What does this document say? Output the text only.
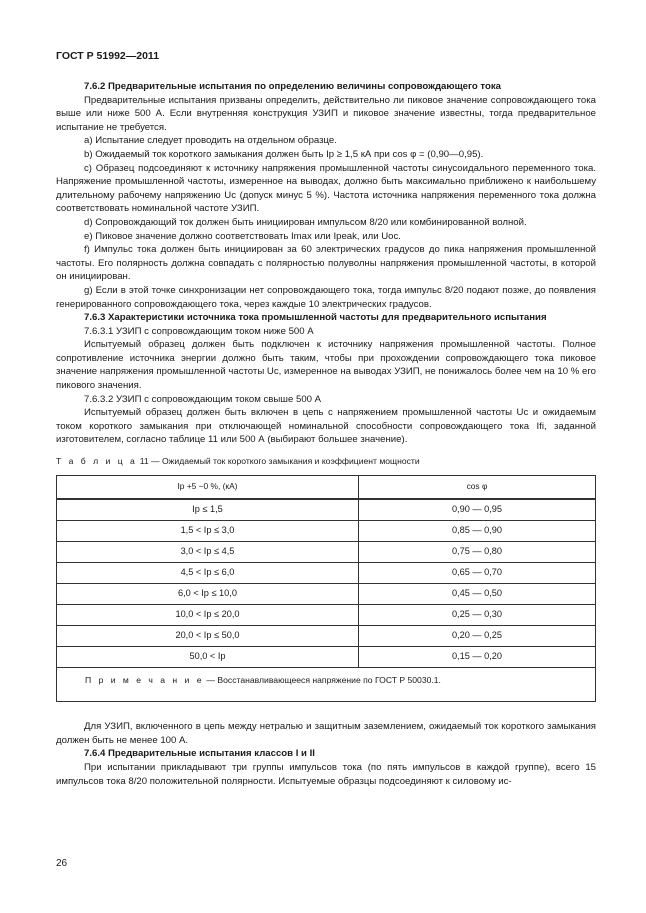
ГОСТ Р 51992—2011

7.6.2 Предварительные испытания по определению величины сопровождающего тока

Предварительные испытания призваны определить, действительно ли пиковое значение сопровождающего тока выше или ниже 500 А. Если внутренняя конструкция УЗИП и пиковое значение известны, тогда предварительное испытание не требуется.

а) Испытание следует проводить на отдельном образце.

b) Ожидаемый ток короткого замыкания должен быть Iр ≥ 1,5 кА при cos φ = (0,90—0,95).

c) Образец подсоединяют к источнику напряжения промышленной частоты синусоидального переменного тока. Напряжение промышленной частоты, измеренное на выводах, должно быть максимально приближено к наибольшему длительному рабочему напряжению Uc (допуск минус 5 %). Частота источника напряжения переменного тока должна соответствовать номинальной частоте УЗИП.

d) Сопровождающий ток должен быть инициирован импульсом 8/20 или комбинированной волной.

е) Пиковое значение должно соответствовать Imax или Ipeak, или Uoc.

f) Импульс тока должен быть инициирован за 60 электрических градусов до пика напряжения промышленной частоты. Его полярность должна совпадать с полярностью полуволны напряжения промышленной частоты, в которой он инициирован.

g) Если в этой точке синхронизации нет сопровождающего тока, тогда импульс 8/20 подают позже, до появления генерированного сопровождающего тока, через каждые 10 электрических градусов.

7.6.3 Характеристики источника тока промышленной частоты для предварительного испытания

7.6.3.1 УЗИП с сопровождающим током ниже 500 А

Испытуемый образец должен быть подключен к источнику напряжения промышленной частоты. Полное сопротивление источника энергии должно быть таким, чтобы при прохождении сопровождающего тока пиковое значение напряжения промышленной частоты Uc, измеренное на выводах УЗИП, не понижалось более чем на 10 % его пикового значения.

7.6.3.2 УЗИП с сопровождающим током свыше 500 А

Испытуемый образец должен быть включен в цепь с напряжением промышленной частоты Uc и ожидаемым током короткого замыкания при отключающей номинальной способности сопровождающего тока Ifi, заданной изготовителем, согласно таблице 11 или 500 А (выбирают большее значение).

Т а б л и ц а 11 — Ожидаемый ток короткого замыкания и коэффициент мощности
Iр +5 −0 %, (кА)	cos φ
Iр ≤ 1,5	0,90 — 0,95
1,5 < Iр ≤ 3,0	0,85 — 0,90
3,0 < Iр ≤ 4,5	0,75 — 0,80
4,5 < Iр ≤ 6,0	0,65 — 0,70
6,0 < Iр ≤ 10,0	0,45 — 0,50
10,0 < Iр ≤ 20,0	0,25 — 0,30
20,0 < Iр ≤ 50,0	0,20 — 0,25
50,0 < Iр	0,15 — 0,20
П р и м е ч а н и е — Восстанавливающееся напряжение по ГОСТ Р 50030.1.	

Для УЗИП, включенного в цепь между нетралью и защитным заземлением, ожидаемый ток короткого замыкания должен быть не менее 100 А.

7.6.4 Предварительные испытания классов I и II

При испытании прикладывают три группы импульсов тока (по пять импульсов в каждой группе), всего 15 импульсов тока 8/20 положительной полярности. Испытуемые образцы подсоединяют к силовому ис-

26
